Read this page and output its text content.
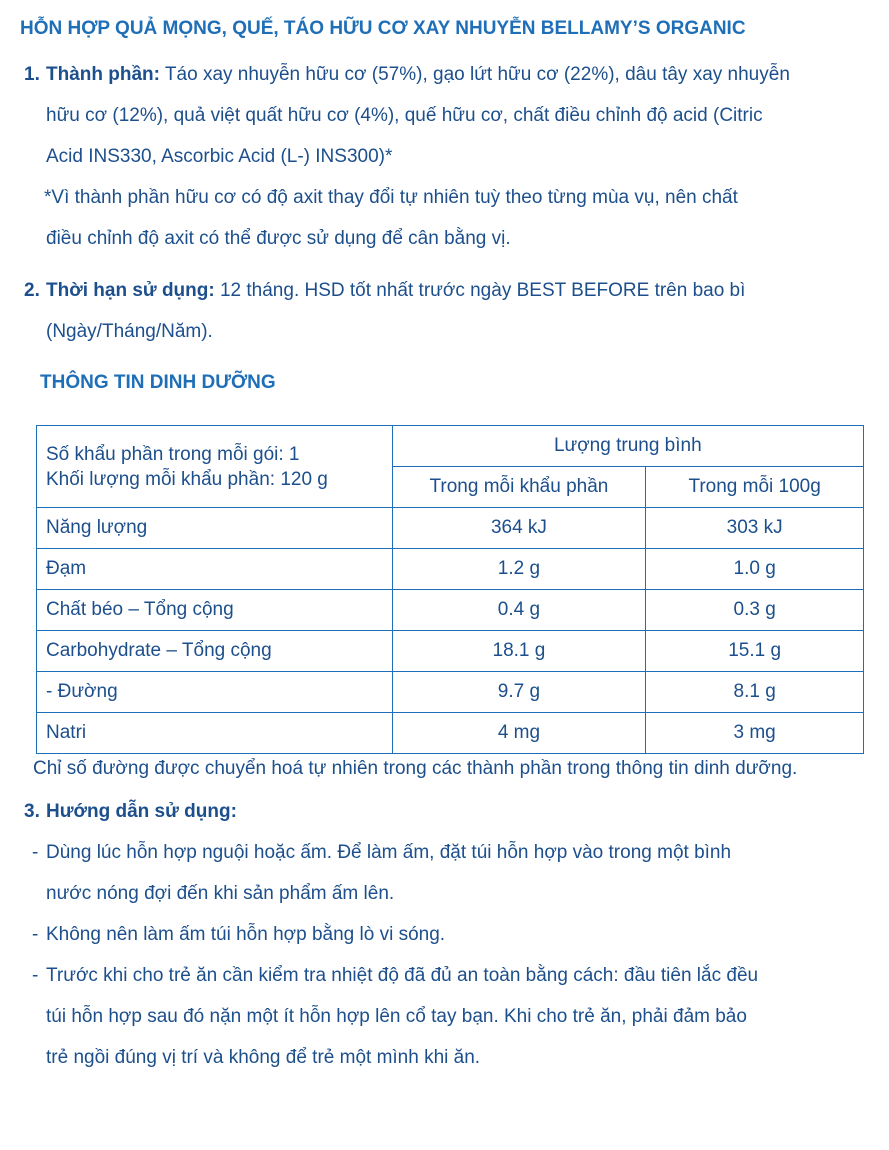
HỖN HỢP QUẢ MỌNG, QUẾ, TÁO HỮU CƠ XAY NHUYỄN BELLAMY’S ORGANIC
1. Thành phần: Táo xay nhuyễn hữu cơ (57%), gạo lứt hữu cơ (22%), dâu tây xay nhuyễn
hữu cơ (12%), quả việt quất hữu cơ (4%), quế hữu cơ, chất điều chỉnh độ acid (Citric
Acid INS330, Ascorbic Acid (L-) INS300)*
*Vì thành phần hữu cơ có độ axit thay đổi tự nhiên tuỳ theo từng mùa vụ, nên chất
điều chỉnh độ axit có thể được sử dụng để cân bằng vị.
2. Thời hạn sử dụng: 12 tháng. HSD tốt nhất trước ngày BEST BEFORE trên bao bì
(Ngày/Tháng/Năm).
THÔNG TIN DINH DƯỠNG
Số khẩu phần trong mỗi gói: 1
Khối lượng mỗi khẩu phần: 120 g	Lượng trung bình	
	Trong mỗi khẩu phần	Trong mỗi 100g
Năng lượng	364 kJ	303 kJ
Đạm	1.2 g	1.0 g
Chất béo – Tổng cộng	0.4 g	0.3 g
Carbohydrate – Tổng cộng	18.1 g	15.1 g
- Đường	9.7 g	8.1 g
Natri	4 mg	3 mg
Chỉ số đường được chuyển hoá tự nhiên trong các thành phần trong thông tin dinh dưỡng.
3. Hướng dẫn sử dụng:
- Dùng lúc hỗn hợp nguội hoặc ấm. Để làm ấm, đặt túi hỗn hợp vào trong một bình
nước nóng đợi đến khi sản phẩm ấm lên.
- Không nên làm ấm túi hỗn hợp bằng lò vi sóng.
- Trước khi cho trẻ ăn cần kiểm tra nhiệt độ đã đủ an toàn bằng cách: đầu tiên lắc đều
túi hỗn hợp sau đó nặn một ít hỗn hợp lên cổ tay bạn. Khi cho trẻ ăn, phải đảm bảo
trẻ ngồi đúng vị trí và không để trẻ một mình khi ăn.
